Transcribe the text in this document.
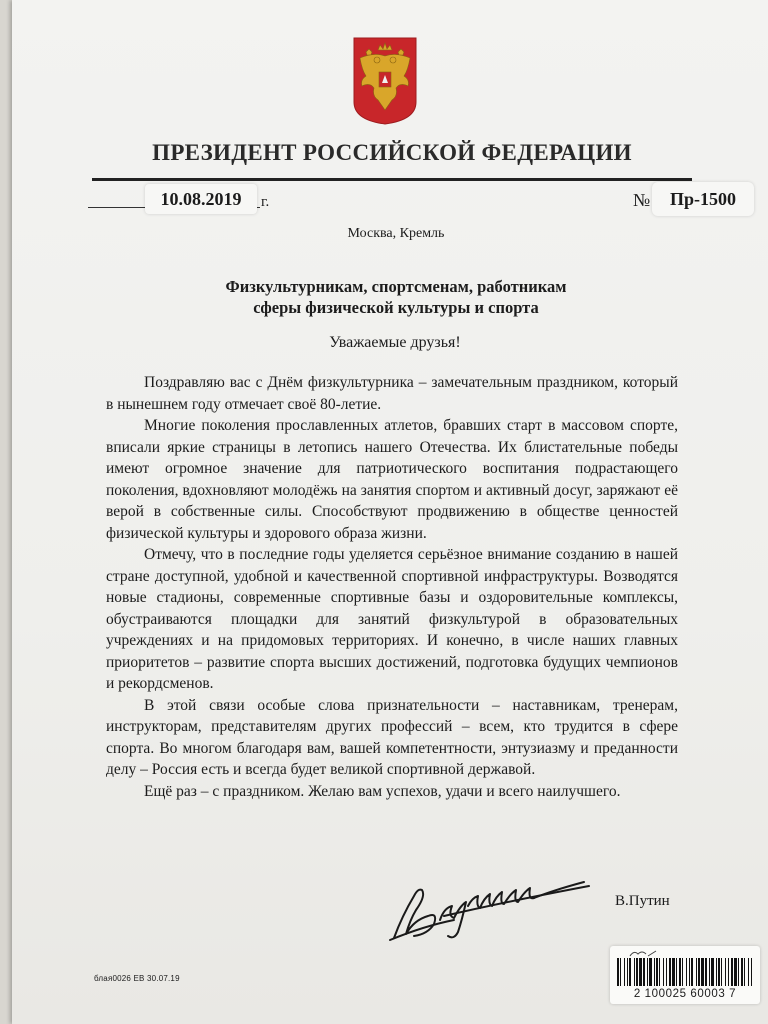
ПРЕЗИДЕНТ РОССИЙСКОЙ ФЕДЕРАЦИИ
10.08.2019	г.	№	Пр-1500
Москва, Кремль
Физкультурникам, спортсменам, работникам
сферы физической культуры и спорта
Уважаемые друзья!

Поздравляю вас с Днём физкультурника – замечательным праздником, который в нынешнем году отмечает своё 80-летие.

Многие поколения прославленных атлетов, бравших старт в массовом спорте, вписали яркие страницы в летопись нашего Отечества. Их блистательные победы имеют огромное значение для патриотического воспитания подрастающего поколения, вдохновляют молодёжь на занятия спортом и активный досуг, заряжают её верой в собственные силы. Способствуют продвижению в обществе ценностей физической культуры и здорового образа жизни.

Отмечу, что в последние годы уделяется серьёзное внимание созданию в нашей стране доступной, удобной и качественной спортивной инфраструктуры. Возводятся новые стадионы, современные спортивные базы и оздоровительные комплексы, обустраиваются площадки для занятий физкультурой в образовательных учреждениях и на придомовых территориях. И конечно, в числе наших главных приоритетов – развитие спорта высших достижений, подготовка будущих чемпионов и рекордсменов.

В этой связи особые слова признательности – наставникам, тренерам, инструкторам, представителям других профессий – всем, кто трудится в сфере спорта. Во многом благодаря вам, вашей компетентности, энтузиазму и преданности делу – Россия есть и всегда будет великой спортивной державой.

Ещё раз – с праздником. Желаю вам успехов, удачи и всего наилучшего.

В.Путин
блая0026 ЕВ 30.07.19
2 100025 60003 7
